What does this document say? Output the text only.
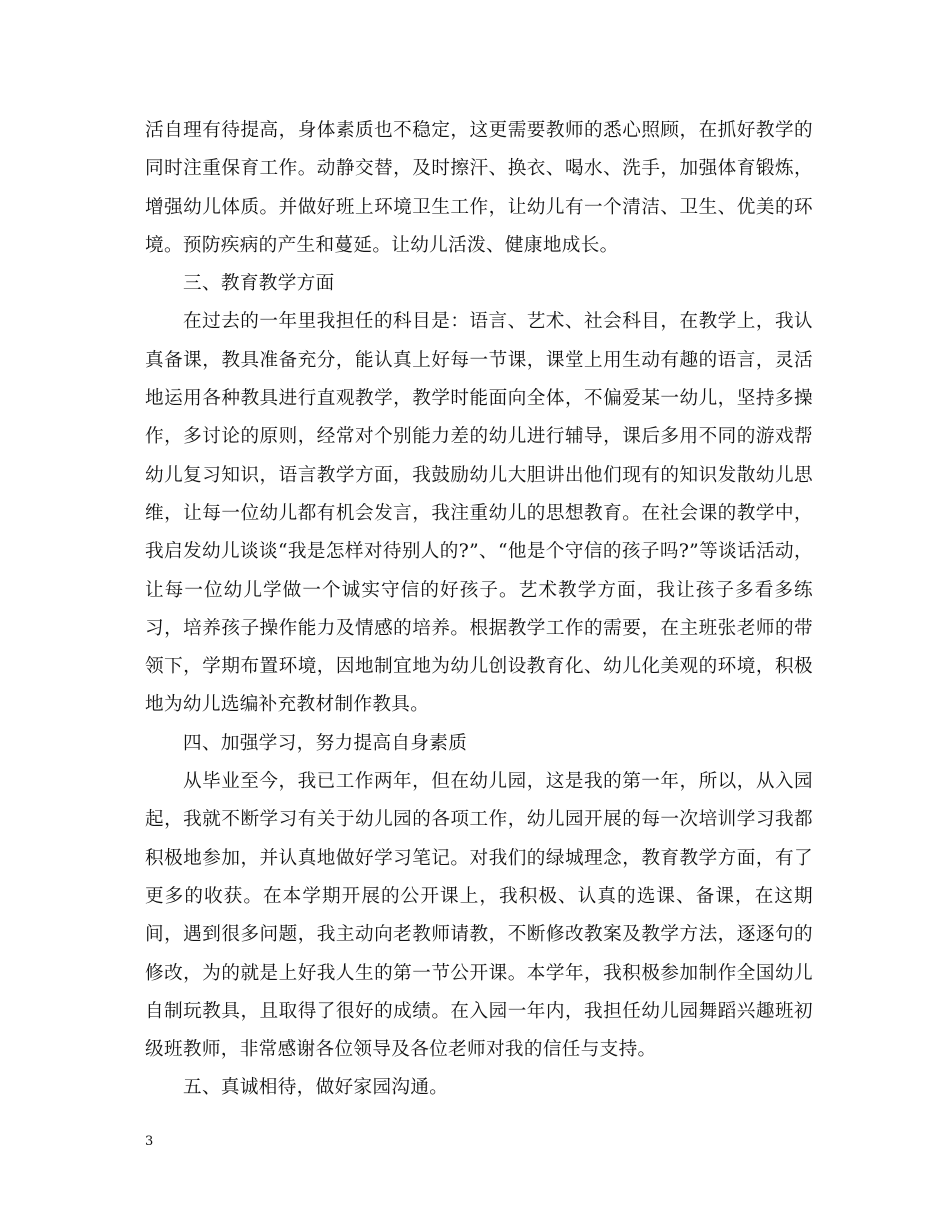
活自理有待提高，身体素质也不稳定，这更需要教师的悉心照顾，在抓好教学的同时注重保育工作。动静交替，及时擦汗、换衣、喝水、洗手，加强体育锻炼，增强幼儿体质。并做好班上环境卫生工作，让幼儿有一个清洁、卫生、优美的环境。预防疾病的产生和蔓延。让幼儿活泼、健康地成长。

三、教育教学方面

在过去的一年里我担任的科目是：语言、艺术、社会科目，在教学上，我认真备课，教具准备充分，能认真上好每一节课，课堂上用生动有趣的语言，灵活地运用各种教具进行直观教学，教学时能面向全体，不偏爱某一幼儿，坚持多操作，多讨论的原则，经常对个别能力差的幼儿进行辅导，课后多用不同的游戏帮幼儿复习知识，语言教学方面，我鼓励幼儿大胆讲出他们现有的知识发散幼儿思维，让每一位幼儿都有机会发言，我注重幼儿的思想教育。在社会课的教学中，我启发幼儿谈谈“我是怎样对待别人的?”、“他是个守信的孩子吗?”等谈话活动，让每一位幼儿学做一个诚实守信的好孩子。艺术教学方面，我让孩子多看多练习，培养孩子操作能力及情感的培养。根据教学工作的需要，在主班张老师的带领下，学期布置环境，因地制宜地为幼儿创设教育化、幼儿化美观的环境，积极地为幼儿选编补充教材制作教具。

四、加强学习，努力提高自身素质

从毕业至今，我已工作两年，但在幼儿园，这是我的第一年，所以，从入园起，我就不断学习有关于幼儿园的各项工作，幼儿园开展的每一次培训学习我都积极地参加，并认真地做好学习笔记。对我们的绿城理念，教育教学方面，有了更多的收获。在本学期开展的公开课上，我积极、认真的选课、备课，在这期间，遇到很多问题，我主动向老教师请教，不断修改教案及教学方法，逐逐句的修改，为的就是上好我人生的第一节公开课。本学年，我积极参加制作全国幼儿自制玩教具，且取得了很好的成绩。在入园一年内，我担任幼儿园舞蹈兴趣班初级班教师，非常感谢各位领导及各位老师对我的信任与支持。

五、真诚相待，做好家园沟通。

3
